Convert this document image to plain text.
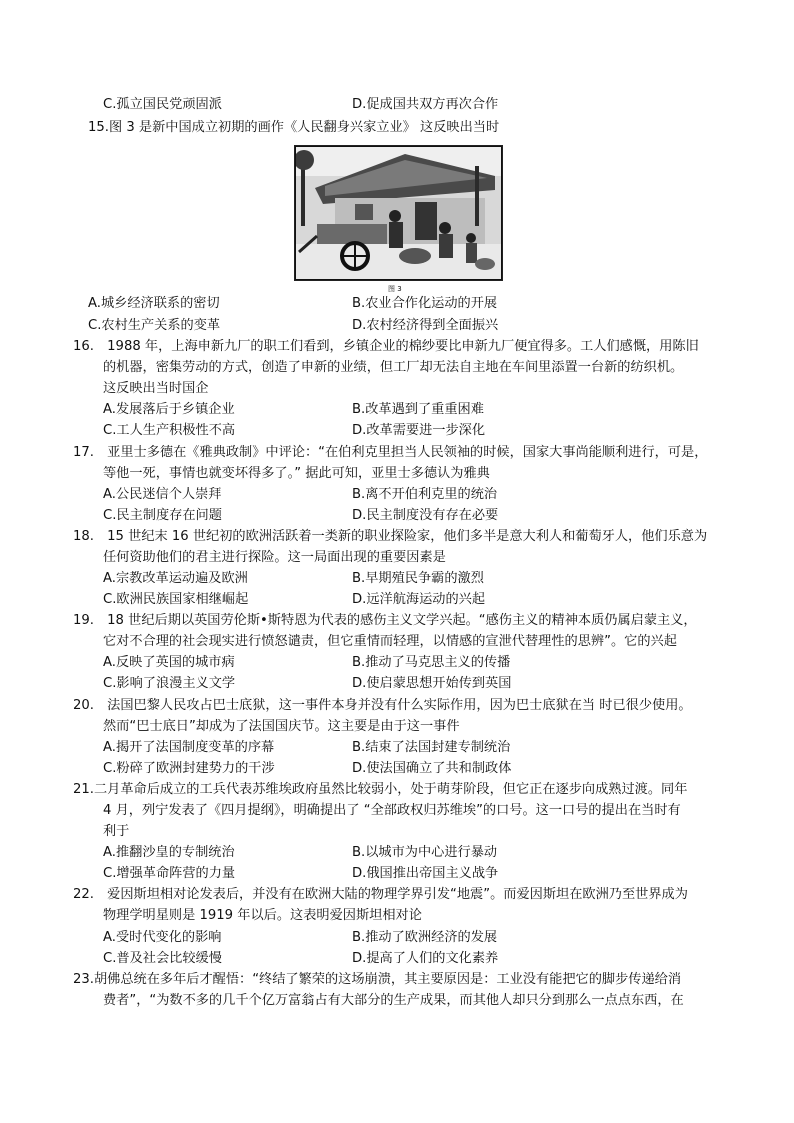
C.孤立国民党顽固派	D.促成国共双方再次合作
15.图 3 是新中国成立初期的画作《人民翻身兴家立业》 这反映出当时
图 3
A.城乡经济联系的密切	B.农业合作化运动的开展
C.农村生产关系的变革	D.农村经济得到全面振兴
16.　1988 年，上海申新九厂的职工们看到，乡镇企业的棉纱要比申新九厂便宜得多。工人们感慨，用陈旧
的机器，密集劳动的方式，创造了申新的业绩，但工厂却无法自主地在车间里添置一台新的纺织机。
这反映出当时国企
A.发展落后于乡镇企业	B.改革遇到了重重困难
C.工人生产积极性不高	D.改革需要进一步深化
17.　亚里士多德在《雅典政制》中评论：“在伯利克里担当人民领袖的时候，国家大事尚能顺利进行，可是，
等他一死，事情也就变坏得多了。” 据此可知，亚里士多德认为雅典
A.公民迷信个人崇拜	B.离不开伯利克里的统治
C.民主制度存在问题	D.民主制度没有存在必要
18.　15 世纪末 16 世纪初的欧洲活跃着一类新的职业探险家，他们多半是意大利人和葡萄牙人，他们乐意为
任何资助他们的君主进行探险。这一局面出现的重要因素是
A.宗教改革运动遍及欧洲	B.早期殖民争霸的激烈
C.欧洲民族国家相继崛起	D.远洋航海运动的兴起
19.　18 世纪后期以英国劳伦斯•斯特恩为代表的感伤主义文学兴起。“感伤主义的精神本质仍属启蒙主义，
它对不合理的社会现实进行愤怒谴责，但它重情而轻理，以情感的宣泄代替理性的思辨”。它的兴起
A.反映了英国的城市病	B.推动了马克思主义的传播
C.影响了浪漫主义文学	D.使启蒙思想开始传到英国
20.　法国巴黎人民攻占巴士底狱，这一事件本身并没有什么实际作用，因为巴士底狱在当 时已很少使用。
然而“巴士底日”却成为了法国国庆节。这主要是由于这一事件
A.揭开了法国制度变革的序幕	B.结束了法国封建专制统治
C.粉碎了欧洲封建势力的干涉	D.使法国确立了共和制政体
21.二月革命后成立的工兵代表苏维埃政府虽然比较弱小，处于萌芽阶段，但它正在逐步向成熟过渡。同年
4 月，列宁发表了《四月提纲》，明确提出了 “全部政权归苏维埃”的口号。这一口号的提出在当时有
利于
A.推翻沙皇的专制统治	B.以城市为中心进行暴动
C.增强革命阵营的力量	D.俄国推出帝国主义战争
22.　爱因斯坦相对论发表后，并没有在欧洲大陆的物理学界引发“地震”。而爱因斯坦在欧洲乃至世界成为
物理学明星则是 1919 年以后。这表明爱因斯坦相对论
A.受时代变化的影响	B.推动了欧洲经济的发展
C.普及社会比较缓慢	D.提高了人们的文化素养
23.胡佛总统在多年后才醒悟：“终结了繁荣的这场崩溃，其主要原因是：工业没有能把它的脚步传递给消
费者”，“为数不多的几千个亿万富翁占有大部分的生产成果，而其他人却只分到那么一点点东西，在
